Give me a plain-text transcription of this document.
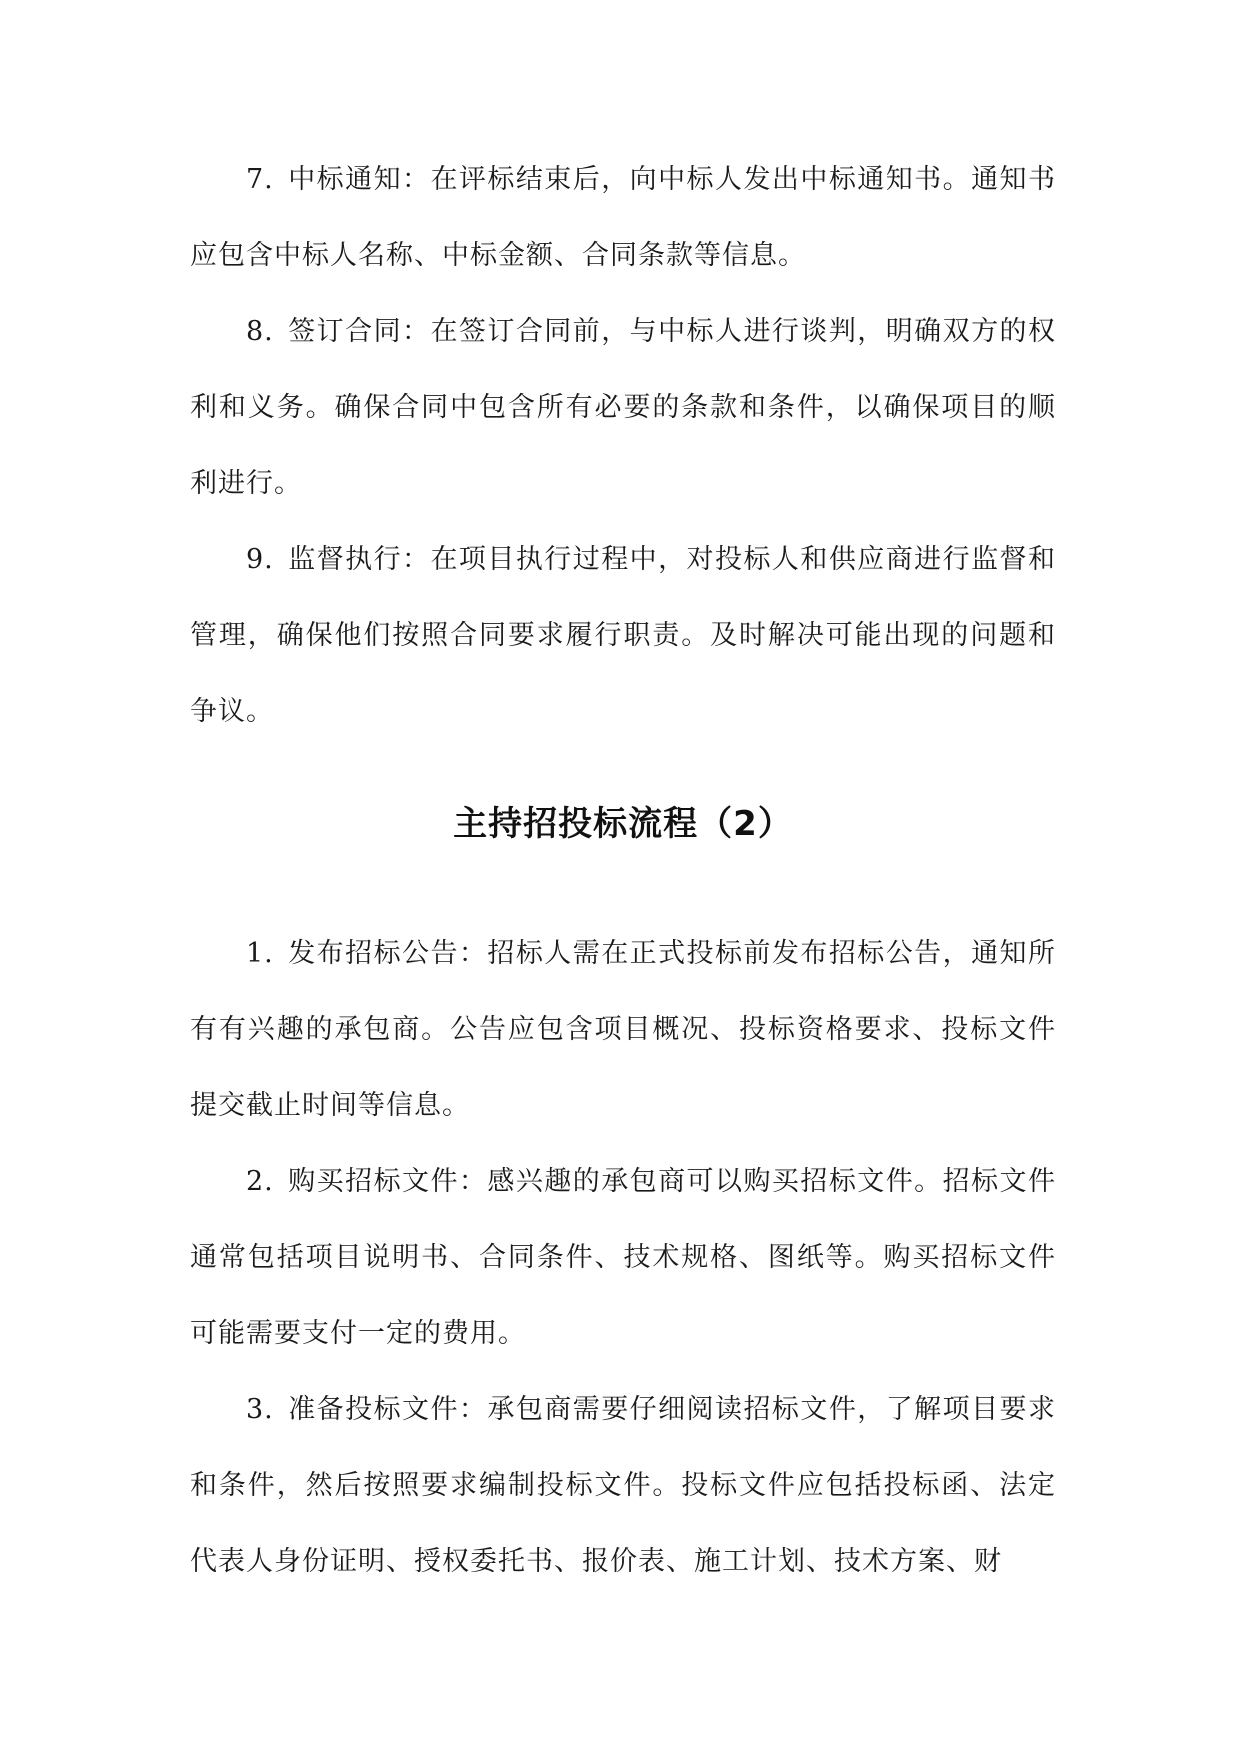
7. 中标通知：在评标结束后，向中标人发出中标通知书。通知书应包含中标人名称、中标金额、合同条款等信息。

8. 签订合同：在签订合同前，与中标人进行谈判，明确双方的权利和义务。确保合同中包含所有必要的条款和条件，以确保项目的顺利进行。

9. 监督执行：在项目执行过程中，对投标人和供应商进行监督和管理，确保他们按照合同要求履行职责。及时解决可能出现的问题和争议。

主持招投标流程（2）

1. 发布招标公告：招标人需在正式投标前发布招标公告，通知所有有兴趣的承包商。公告应包含项目概况、投标资格要求、投标文件提交截止时间等信息。

2. 购买招标文件：感兴趣的承包商可以购买招标文件。招标文件通常包括项目说明书、合同条件、技术规格、图纸等。购买招标文件可能需要支付一定的费用。

3. 准备投标文件：承包商需要仔细阅读招标文件，了解项目要求和条件，然后按照要求编制投标文件。投标文件应包括投标函、法定代表人身份证明、授权委托书、报价表、施工计划、技术方案、财
